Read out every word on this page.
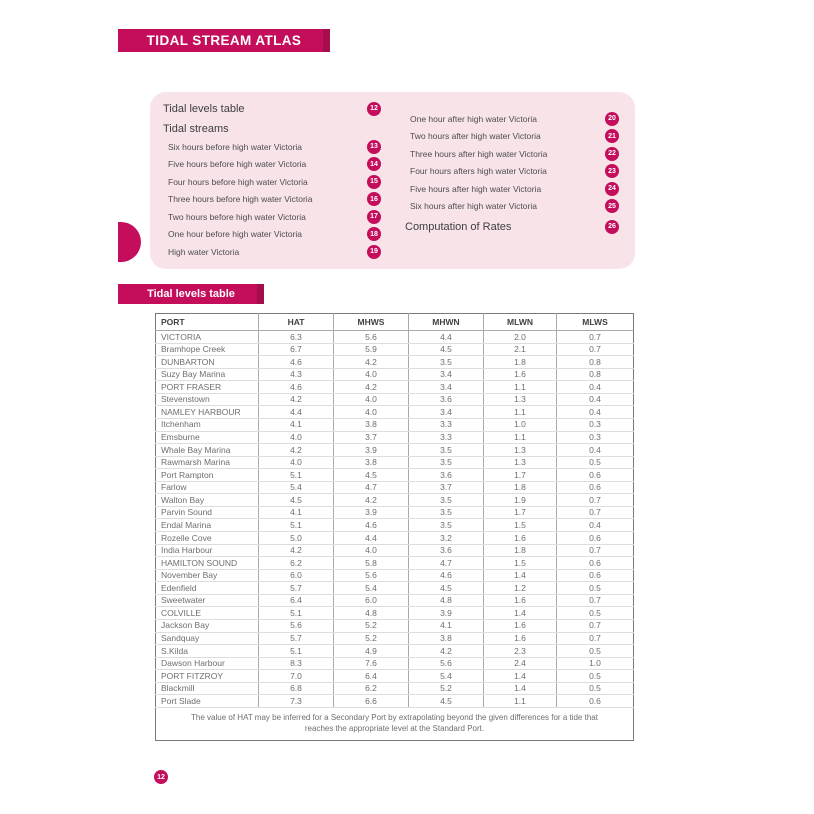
TIDAL STREAM ATLAS
Tidal levels table	12
Tidal streams
Six hours before high water Victoria	13
Five hours before high water Victoria	14
Four hours before high water Victoria	15
Three hours before high water Victoria	16
Two hours before high water Victoria	17
One hour before high water Victoria	18
High water Victoria	19
One hour after high water Victoria	20
Two hours after high water Victoria	21
Three hours after high water Victoria	22
Four hours afters high water Victoria	23
Five hours after high water Victoria	24
Six hours after high water Victoria	25
Computation of Rates	26
Tidal levels table
PORT	HAT	MHWS	MHWN	MLWN	MLWS
VICTORIA	6.3	5.6	4.4	2.0	0.7
Bramhope Creek	6.7	5.9	4.5	2.1	0.7
DUNBARTON	4.6	4.2	3.5	1.8	0.8
Suzy Bay Marina	4.3	4.0	3.4	1.6	0.8
PORT FRASER	4.6	4.2	3.4	1.1	0.4
Stevenstown	4.2	4.0	3.6	1.3	0.4
NAMLEY HARBOUR	4.4	4.0	3.4	1.1	0.4
Itchenham	4.1	3.8	3.3	1.0	0.3
Emsburne	4.0	3.7	3.3	1.1	0.3
Whale Bay Marina	4.2	3.9	3.5	1.3	0.4
Rawmarsh Marina	4.0	3.8	3.5	1.3	0.5
Port Rampton	5.1	4.5	3.6	1.7	0.6
Farlow	5.4	4.7	3.7	1.8	0.6
Walton Bay	4.5	4.2	3.5	1.9	0.7
Parvin Sound	4.1	3.9	3.5	1.7	0.7
Endal Marina	5.1	4.6	3.5	1.5	0.4
Rozelle Cove	5.0	4.4	3.2	1.6	0.6
India Harbour	4.2	4.0	3.6	1.8	0.7
HAMILTON SOUND	6.2	5.8	4.7	1.5	0.6
November Bay	6.0	5.6	4.6	1.4	0.6
Edenfield	5.7	5.4	4.5	1.2	0.5
Sweetwater	6.4	6.0	4.8	1.6	0.7
COLVILLE	5.1	4.8	3.9	1.4	0.5
Jackson Bay	5.6	5.2	4.1	1.6	0.7
Sandquay	5.7	5.2	3.8	1.6	0.7
S.Kilda	5.1	4.9	4.2	2.3	0.5
Dawson Harbour	8.3	7.6	5.6	2.4	1.0
PORT FITZROY	7.0	6.4	5.4	1.4	0.5
Blackmill	6.8	6.2	5.2	1.4	0.5
Port Slade	7.3	6.6	4.5	1.1	0.6
The value of HAT may be inferred for a Secondary Port by extrapolating beyond the given differences for a tide that reaches the appropriate level at the Standard Port.					
12
